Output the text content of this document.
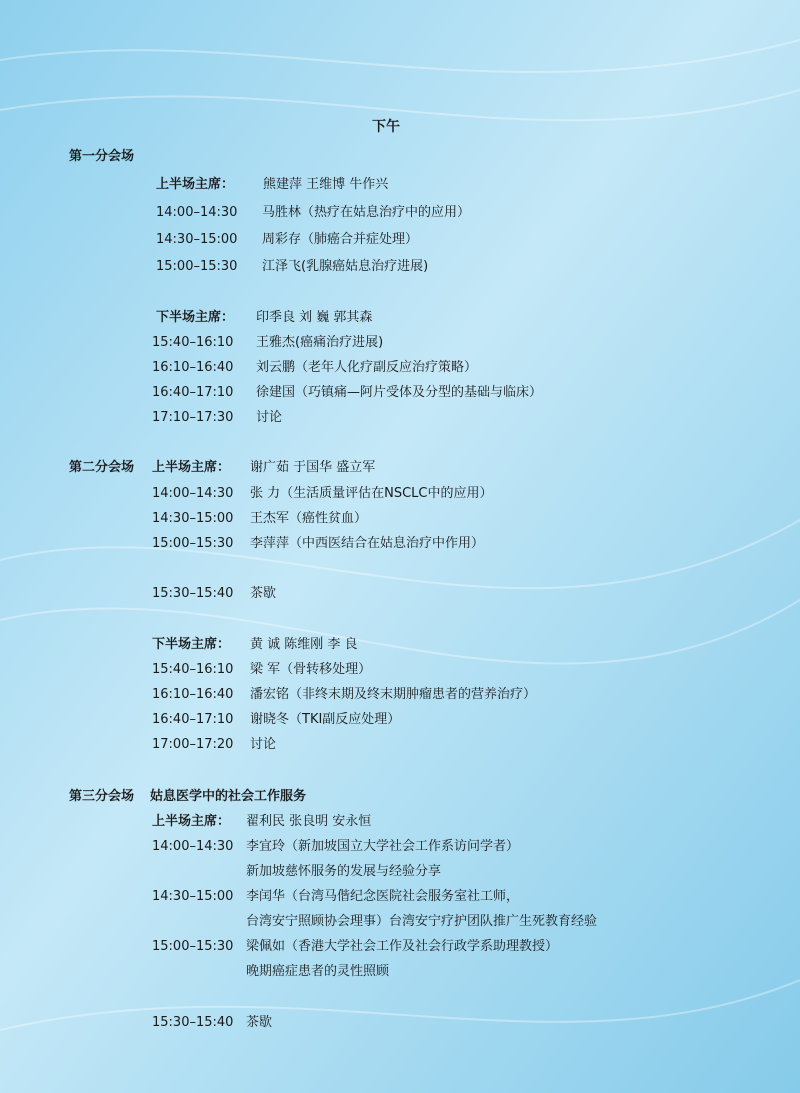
下午
第一分会场
上半场主席： 熊建萍 王维博 牛作兴
14:00–14:30 马胜林（热疗在姑息治疗中的应用）
14:30–15:00 周彩存（肺癌合并症处理）
15:00–15:30 江泽飞(乳腺癌姑息治疗进展)
下半场主席： 印季良 刘 巍 郭其森
15:40–16:10 王雅杰(癌痛治疗进展)
16:10–16:40 刘云鹏（老年人化疗副反应治疗策略）
16:40–17:10 徐建国（巧镇痛—阿片受体及分型的基础与临床）
17:10–17:30 讨论
第二分会场 上半场主席： 谢广茹 于国华 盛立军
14:00–14:30 张 力（生活质量评估在NSCLC中的应用）
14:30–15:00 王杰军（癌性贫血）
15:00–15:30 李萍萍（中西医结合在姑息治疗中作用）
15:30–15:40 茶歇
下半场主席： 黄 诚 陈维刚 李 良
15:40–16:10 梁 军（骨转移处理）
16:10–16:40 潘宏铭（非终末期及终末期肿瘤患者的营养治疗）
16:40–17:10 谢晓冬（TKI副反应处理）
17:00–17:20 讨论
第三分会场 姑息医学中的社会工作服务
上半场主席： 翟利民 张良明 安永恒
14:00–14:30 李宜玲（新加坡国立大学社会工作系访问学者）
新加坡慈怀服务的发展与经验分享
14:30–15:00 李闰华（台湾马偕纪念医院社会服务室社工师，
台湾安宁照顾协会理事）台湾安宁疗护团队推广生死教育经验
15:00–15:30 梁佩如（香港大学社会工作及社会行政学系助理教授）
晚期癌症患者的灵性照顾
15:30–15:40 茶歇
